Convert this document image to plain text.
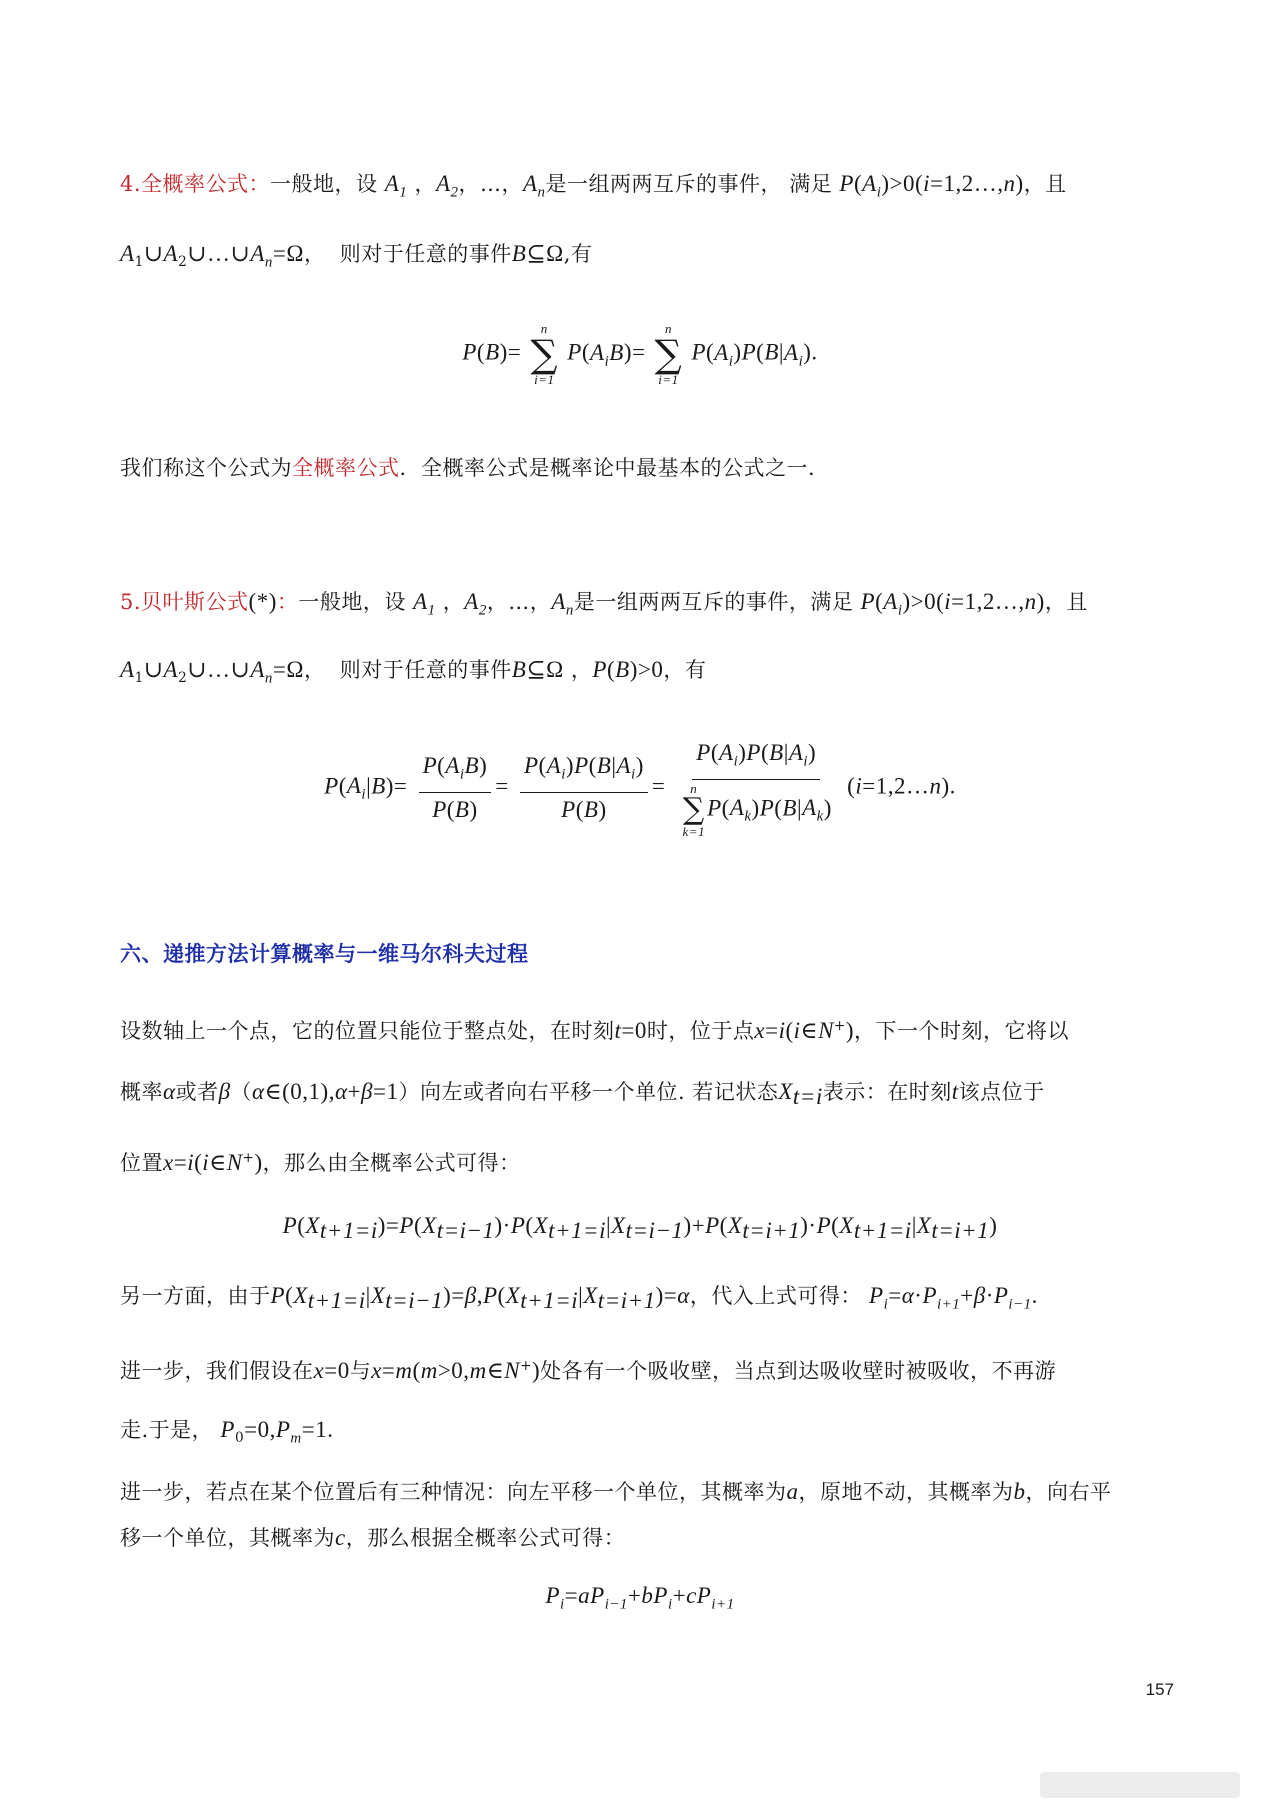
4.全概率公式：一般地，设 $A_1$ ，$A_2$，…，$A_n$是一组两两互斥的事件， 满足 $P(A_i)>0(i=1,2\dots,n)$，且
$A_1\cup A_2\cup\dots\cup A_n=\Omega$，  则对于任意的事件B⊆Ω,有
P(B)=
n
∑
i=1
$P(A_iB)=$
n
∑
i=1
$P(A_i)P(B|A_i)$.
我们称这个公式为全概率公式．全概率公式是概率论中最基本的公式之一.
5.贝叶斯公式(*)：一般地，设 $A_1$ ，$A_2$，…，$A_n$是一组两两互斥的事件，满足 $P(A_i)>0(i=1,2\dots,n)$，且
$A_1\cup A_2\cup\dots\cup A_n=\Omega$，  则对于任意的事件B⊆Ω ，P(B)>0，有
$P(A_i|B)= \frac{P(A_iB)}{P(B)} = \frac{P(A_i)P(B|A_i)}{P(B)} = P(A_i)P(B|A_i)$
n
∑
k=1
$P(A_k)P(B|A_k)$ (i=1,2…n).
六、递推方法计算概率与一维马尔科夫过程
设数轴上一个点，它的位置只能位于整点处，在时刻t=0时，位于点x=i(i∈N+)，下一个时刻，它将以
概率α或者β（α∈(0,1),α+β=1）向左或者向右平移一个单位. 若记状态$X_{t=i}$表示：在时刻t该点位于
位置x=i(i∈N+)，那么由全概率公式可得：
$P(X_{t+1=i})=P(X_{t=i-1})\cdot P(X_{t+1=i}|X_{t=i-1})+P(X_{t=i+1})\cdot P(X_{t+1=i}|X_{t=i+1})$
另一方面，由于$P(X_{t+1=i}|X_{t=i-1})=\beta,P(X_{t+1=i}|X_{t=i+1})=\alpha$，代入上式可得： $P_i=\alpha\cdot P_{i+1}+\beta\cdot P_{i-1}$.
进一步，我们假设在x=0与x=m(m>0,m∈N+)处各有一个吸收壁，当点到达吸收壁时被吸收，不再游
走.于是， $P_0=0,P_m=1$.
进一步，若点在某个位置后有三种情况：向左平移一个单位，其概率为a，原地不动，其概率为b，向右平
移一个单位，其概率为c，那么根据全概率公式可得：
$P_i=aP_{i-1}+bP_i+cP_{i+1}$
157
